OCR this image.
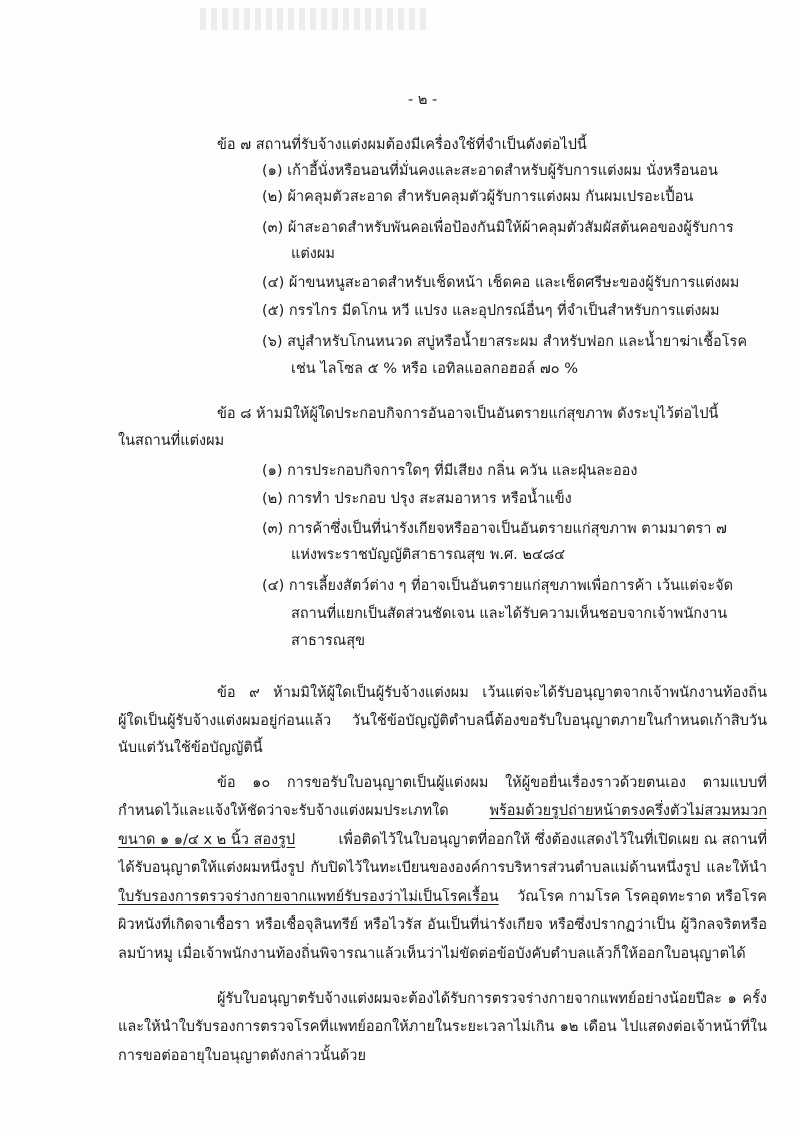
- ๒ -
ข้อ ๗ สถานที่รับจ้างแต่งผมต้องมีเครื่องใช้ที่จำเป็นดังต่อไปนี้
(๑) เก้าอี้นั่งหรือนอนที่มั่นคงและสะอาดสำหรับผู้รับการแต่งผม นั่งหรือนอน
(๒) ผ้าคลุมตัวสะอาด สำหรับคลุมตัวผู้รับการแต่งผม กันผมเปรอะเปื้อน
(๓) ผ้าสะอาดสำหรับพันคอเพื่อป้องกันมิให้ผ้าคลุมตัวสัมผัสต้นคอของผู้รับการ
แต่งผม
(๔) ผ้าขนหนูสะอาดสำหรับเช็ดหน้า เช็ดคอ และเช็ดศรีษะของผู้รับการแต่งผม
(๕) กรรไกร มีดโกน หวี แปรง และอุปกรณ์อื่นๆ ที่จำเป็นสำหรับการแต่งผม
(๖) สบู่สำหรับโกนหนวด สบู่หรือน้ำยาสระผม สำหรับฟอก และน้ำยาฆ่าเชื้อโรค
เช่น ไลโซล ๕ % หรือ เอทิลแอลกอฮอล์ ๗๐ %
ข้อ ๘ ห้ามมิให้ผู้ใดประกอบกิจการอันอาจเป็นอันตรายแก่สุขภาพ ดังระบุไว้ต่อไปนี้
ในสถานที่แต่งผม
(๑) การประกอบกิจการใดๆ ที่มีเสียง กลิ่น ควัน และฝุ่นละออง
(๒) การทำ ประกอบ ปรุง สะสมอาหาร หรือน้ำแข็ง
(๓) การค้าซึ่งเป็นที่น่ารังเกียจหรืออาจเป็นอันตรายแก่สุขภาพ ตามมาตรา ๗
แห่งพระราชบัญญัติสาธารณสุข พ.ศ. ๒๔๘๔
(๔) การเลี้ยงสัตว์ต่าง ๆ ที่อาจเป็นอันตรายแก่สุขภาพเพื่อการค้า เว้นแต่จะจัด
สถานที่แยกเป็นสัดส่วนชัดเจน และได้รับความเห็นชอบจากเจ้าพนักงาน
สาธารณสุข
ข้อ ๙ ห้ามมิให้ผู้ใดเป็นผู้รับจ้างแต่งผม เว้นแต่จะได้รับอนุญาตจากเจ้าพนักงานท้องถิ่น
ผู้ใดเป็นผู้รับจ้างแต่งผมอยู่ก่อนแล้ว วันใช้ข้อบัญญัติตำบลนี้ต้องขอรับใบอนุญาตภายในกำหนดเก้าสิบวัน
นับแต่วันใช้ข้อบัญญัตินี้
ข้อ ๑๐ การขอรับใบอนุญาตเป็นผู้แต่งผม ให้ผู้ขอยื่นเรื่องราวด้วยตนเอง ตามแบบที่
กำหนดไว้และแจ้งให้ชัดว่าจะรับจ้างแต่งผมประเภทใด	พร้อมด้วยรูปถ่ายหน้าตรงครึ่งตัวไม่สวมหมวก
ขนาด ๑ ๑/๔ x ๒ นิ้ว สองรูป	เพื่อติดไว้ในใบอนุญาตที่ออกให้ ซึ่งต้องแสดงไว้ในที่เปิดเผย ณ สถานที่
ได้รับอนุญาตให้แต่งผมหนึ่งรูป กับปิดไว้ในทะเบียนขององค์การบริหารส่วนตำบลแม่ด้านหนึ่งรูป และให้นำ
ใบรับรองการตรวจร่างกายจากแพทย์รับรองว่าไม่เป็นโรคเรื้อน วัณโรค กามโรค โรคอุดทะราด หรือโรค
ผิวหนังที่เกิดจาเชื้อรา หรือเชื้อจุลินทรีย์ หรือไวรัส อันเป็นที่น่ารังเกียจ หรือซึ่งปรากฏว่าเป็น ผู้วิกลจริตหรือ
ลมบ้าหมู เมื่อเจ้าพนักงานท้องถิ่นพิจารณาแล้วเห็นว่าไม่ขัดต่อข้อบังคับตำบลแล้วก็ให้ออกใบอนุญาตได้
ผู้รับใบอนุญาตรับจ้างแต่งผมจะต้องได้รับการตรวจร่างกายจากแพทย์อย่างน้อยปีละ ๑ ครั้ง
และให้นำใบรับรองการตรวจโรคที่แพทย์ออกให้ภายในระยะเวลาไม่เกิน ๑๒ เดือน ไปแสดงต่อเจ้าหน้าที่ใน
การขอต่ออายุใบอนุญาตดังกล่าวนั้นด้วย
